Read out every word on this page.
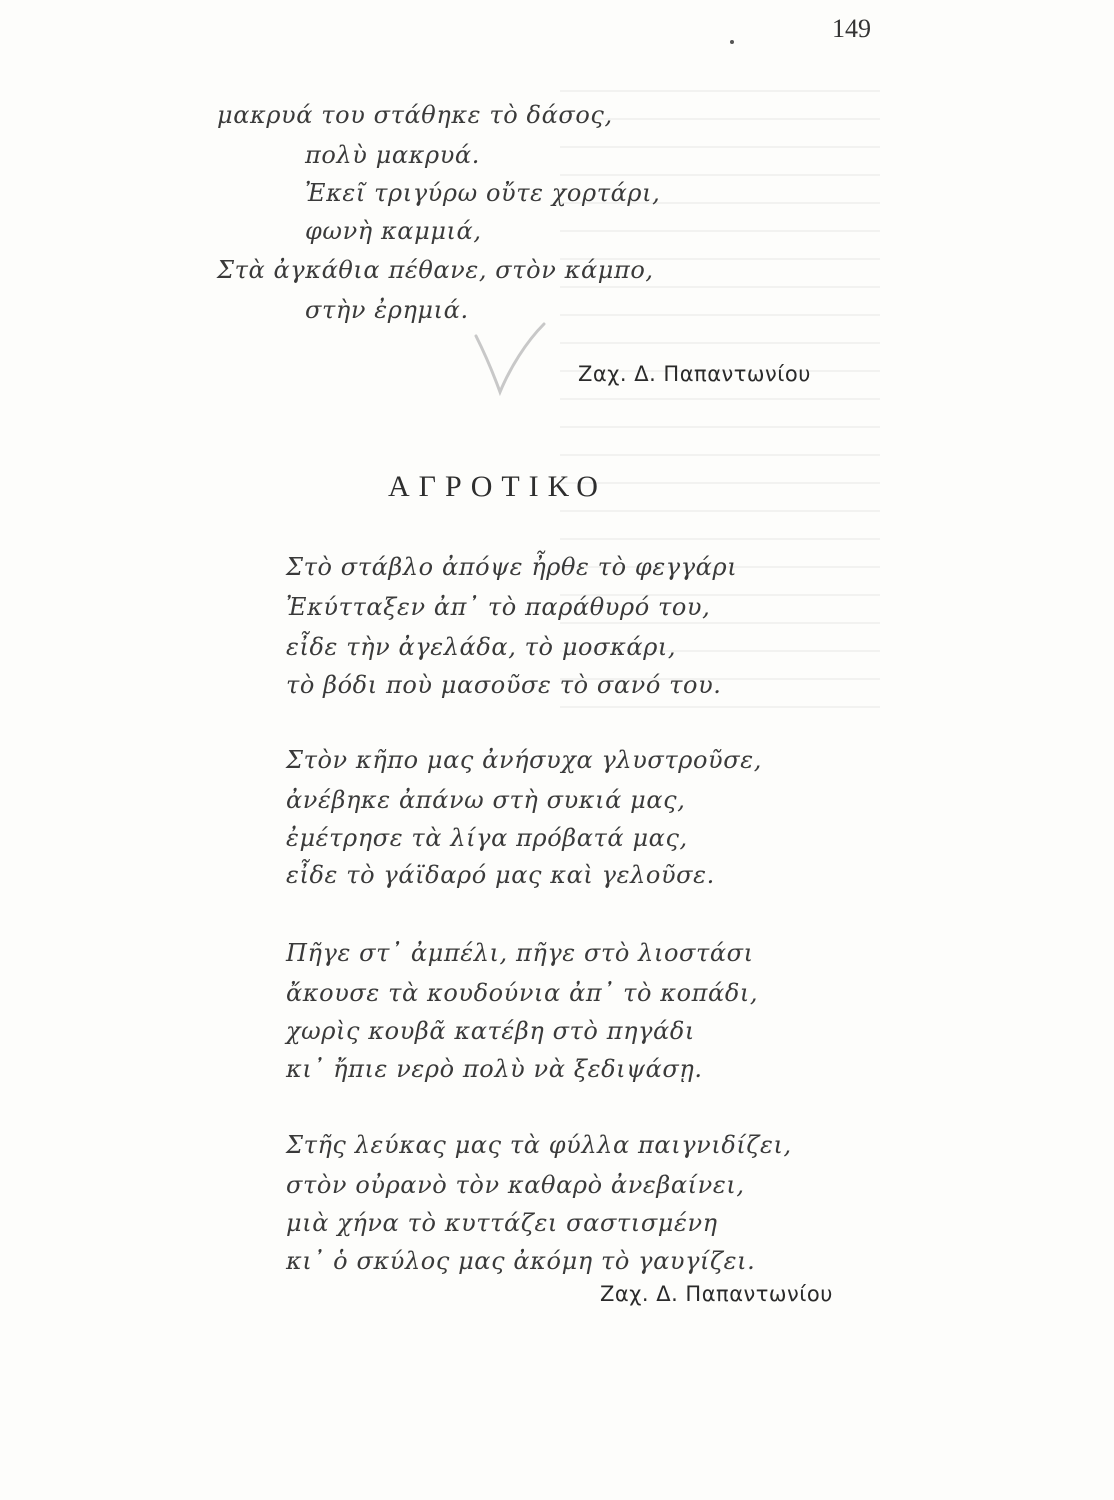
149
μακρυά του στάθηκε τὸ δάσος,
πολὺ μακρυά.
Ἐκεῖ τριγύρω οὔτε χορτάρι,
φωνὴ καμμιά,
Στὰ ἀγκάθια πέθανε, στὸν κάμπο,
στὴν ἐρημιά.
Ζαχ. Δ. Παπαντωνίου
ΑΓΡΟΤΙΚΟ
Στὸ στάβλο ἀπόψε ἦρθε τὸ φεγγάρι
Ἐκύτταξεν ἀπ᾽ τὸ παράθυρό του,
εἶδε τὴν ἀγελάδα, τὸ μοσκάρι,
τὸ βόδι ποὺ μασοῦσε τὸ σανό του.
Στὸν κῆπο μας ἀνήσυχα γλυστροῦσε,
ἀνέβηκε ἀπάνω στὴ συκιά μας,
ἐμέτρησε τὰ λίγα πρόβατά μας,
εἶδε τὸ γάϊδαρό μας καὶ γελοῦσε.
Πῆγε στ᾽ ἀμπέλι, πῆγε στὸ λιοστάσι
ἄκουσε τὰ κουδούνια ἀπ᾽ τὸ κοπάδι,
χωρὶς κουβᾶ κατέβη στὸ πηγάδι
κι᾽ ἤπιε νερὸ πολὺ νὰ ξεδιψάσῃ.
Στῆς λεύκας μας τὰ φύλλα παιγνιδίζει,
στὸν οὐρανὸ τὸν καθαρὸ ἀνεβαίνει,
μιὰ χήνα τὸ κυττάζει σαστισμένη
κι᾽ ὁ σκύλος μας ἀκόμη τὸ γαυγίζει.
Ζαχ. Δ. Παπαντωνίου
